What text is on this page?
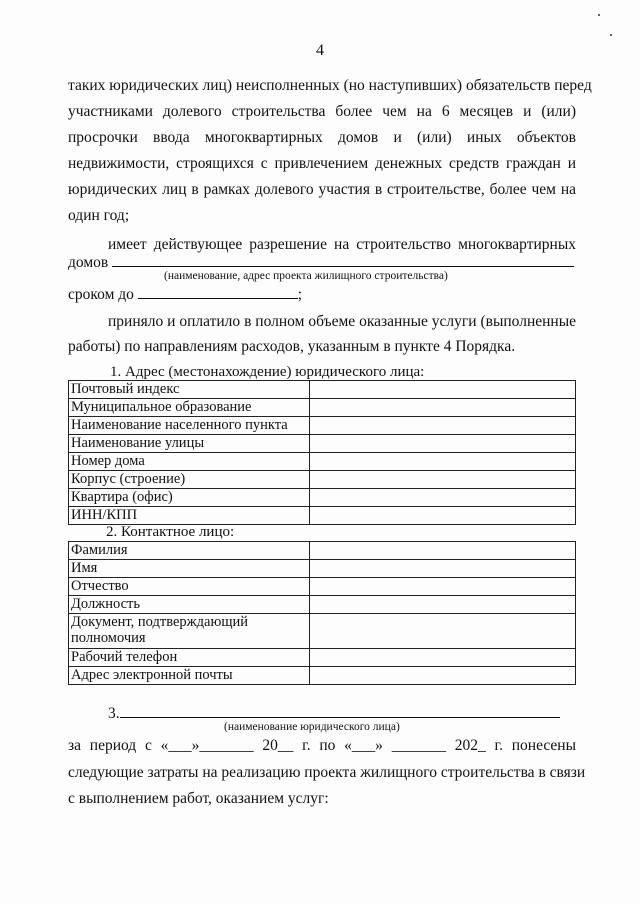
4
таких юридических лиц) неисполненных (но наступивших) обязательств перед
участниками долевого строительства более чем на 6 месяцев и (или)
просрочки ввода многоквартирных домов и (или) иных объектов
недвижимости, строящихся с привлечением денежных средств граждан и
юридических лиц в рамках долевого участия в строительстве, более чем на
один год;
имеет действующее разрешение на строительство многоквартирных
домов
(наименование, адрес проекта жилищного строительства)
сроком до	;
приняло и оплатило в полном объеме оказанные услуги (выполненные
работы) по направлениям расходов, указанным в пункте 4 Порядка.
1. Адрес (местонахождение) юридического лица:
Почтовый индекс	
Муниципальное образование	
Наименование населенного пункта	
Наименование улицы	
Номер дома	
Корпус (строение)	
Квартира (офис)	
ИНН/КПП	
2. Контактное лицо:
Фамилия	
Имя	
Отчество	
Должность	
Документ, подтверждающий полномочия	
Рабочий телефон	
Адрес электронной почты	
3.
(наименование юридического лица)
за период с «___»_______ 20__ г. по «___» _______ 202_ г. понесены
следующие затраты на реализацию проекта жилищного строительства в связи
с выполнением работ, оказанием услуг:
